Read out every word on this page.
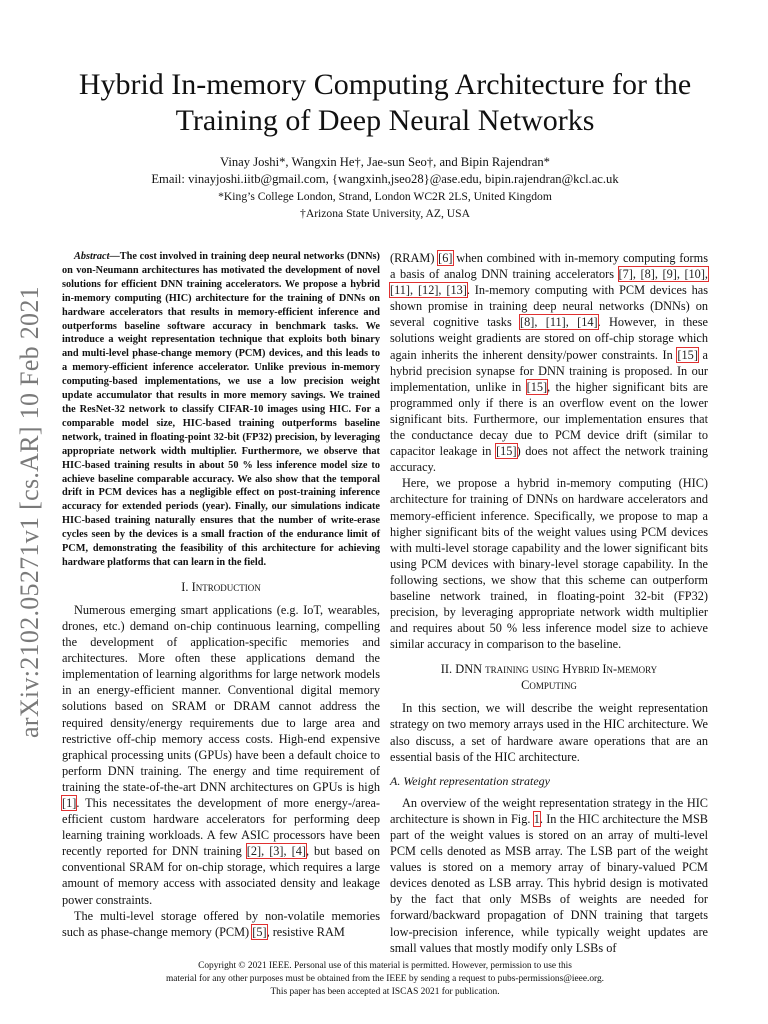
arXiv:2102.05271v1 [cs.AR] 10 Feb 2021
Hybrid In-memory Computing Architecture for the
Training of Deep Neural Networks
Vinay Joshi*, Wangxin He†, Jae-sun Seo†, and Bipin Rajendran*
Email: vinayjoshi.iitb@gmail.com, {wangxinh,jseo28}@ase.edu, bipin.rajendran@kcl.ac.uk
*King’s College London, Strand, London WC2R 2LS, United Kingdom
†Arizona State University, AZ, USA

Abstract—The cost involved in training deep neural networks (DNNs) on von-Neumann architectures has motivated the development of novel solutions for efficient DNN training accelerators. We propose a hybrid in-memory computing (HIC) architecture for the training of DNNs on hardware accelerators that results in memory-efficient inference and outperforms baseline software accuracy in benchmark tasks. We introduce a weight representation technique that exploits both binary and multi-level phase-change memory (PCM) devices, and this leads to a memory-efficient inference accelerator. Unlike previous in-memory computing-based implementations, we use a low precision weight update accumulator that results in more memory savings. We trained the ResNet-32 network to classify CIFAR-10 images using HIC. For a comparable model size, HIC-based training outperforms baseline network, trained in floating-point 32-bit (FP32) precision, by leveraging appropriate network width multiplier. Furthermore, we observe that HIC-based training results in about 50 % less inference model size to achieve baseline comparable accuracy. We also show that the temporal drift in PCM devices has a negligible effect on post-training inference accuracy for extended periods (year). Finally, our simulations indicate HIC-based training naturally ensures that the number of write-erase cycles seen by the devices is a small fraction of the endurance limit of PCM, demonstrating the feasibility of this architecture for achieving hardware platforms that can learn in the field.

I. Introduction

Numerous emerging smart applications (e.g. IoT, wearables, drones, etc.) demand on-chip continuous learning, compelling the development of application-specific memories and architectures. More often these applications demand the implementation of learning algorithms for large network models in an energy-efficient manner. Conventional digital memory solutions based on SRAM or DRAM cannot address the required density/energy requirements due to large area and restrictive off-chip memory access costs. High-end expensive graphical processing units (GPUs) have been a default choice to perform DNN training. The energy and time requirement of training the state-of-the-art DNN architectures on GPUs is high [1]. This necessitates the development of more energy-/area-efficient custom hardware accelerators for performing deep learning training workloads. A few ASIC processors have been recently reported for DNN training [2], [3], [4], but based on conventional SRAM for on-chip storage, which requires a large amount of memory access with associated density and leakage power constraints.

The multi-level storage offered by non-volatile memories such as phase-change memory (PCM) [5], resistive RAM

(RRAM) [6] when combined with in-memory computing forms a basis of analog DNN training accelerators [7], [8], [9], [10], [11], [12], [13]. In-memory computing with PCM devices has shown promise in training deep neural networks (DNNs) on several cognitive tasks [8], [11], [14]. However, in these solutions weight gradients are stored on off-chip storage which again inherits the inherent density/power constraints. In [15] a hybrid precision synapse for DNN training is proposed. In our implementation, unlike in [15], the higher significant bits are programmed only if there is an overflow event on the lower significant bits. Furthermore, our implementation ensures that the conductance decay due to PCM device drift (similar to capacitor leakage in [15]) does not affect the network training accuracy.

Here, we propose a hybrid in-memory computing (HIC) architecture for training of DNNs on hardware accelerators and memory-efficient inference. Specifically, we propose to map a higher significant bits of the weight values using PCM devices with multi-level storage capability and the lower significant bits using PCM devices with binary-level storage capability. In the following sections, we show that this scheme can outperform baseline network trained, in floating-point 32-bit (FP32) precision, by leveraging appropriate network width multiplier and requires about 50 % less inference model size to achieve similar accuracy in comparison to the baseline.

II. DNN training using Hybrid In-memory
Computing

In this section, we will describe the weight representation strategy on two memory arrays used in the HIC architecture. We also discuss, a set of hardware aware operations that are an essential basis of the HIC architecture.

A. Weight representation strategy

An overview of the weight representation strategy in the HIC architecture is shown in Fig. 1. In the HIC architecture the MSB part of the weight values is stored on an array of multi-level PCM cells denoted as MSB array. The LSB part of the weight values is stored on a memory array of binary-valued PCM devices denoted as LSB array. This hybrid design is motivated by the fact that only MSBs of weights are needed for forward/backward propagation of DNN training that targets low-precision inference, while typically weight updates are small values that mostly modify only LSBs of

Copyright © 2021 IEEE. Personal use of this material is permitted. However, permission to use this
material for any other purposes must be obtained from the IEEE by sending a request to pubs-permissions@ieee.org.
This paper has been accepted at ISCAS 2021 for publication.
